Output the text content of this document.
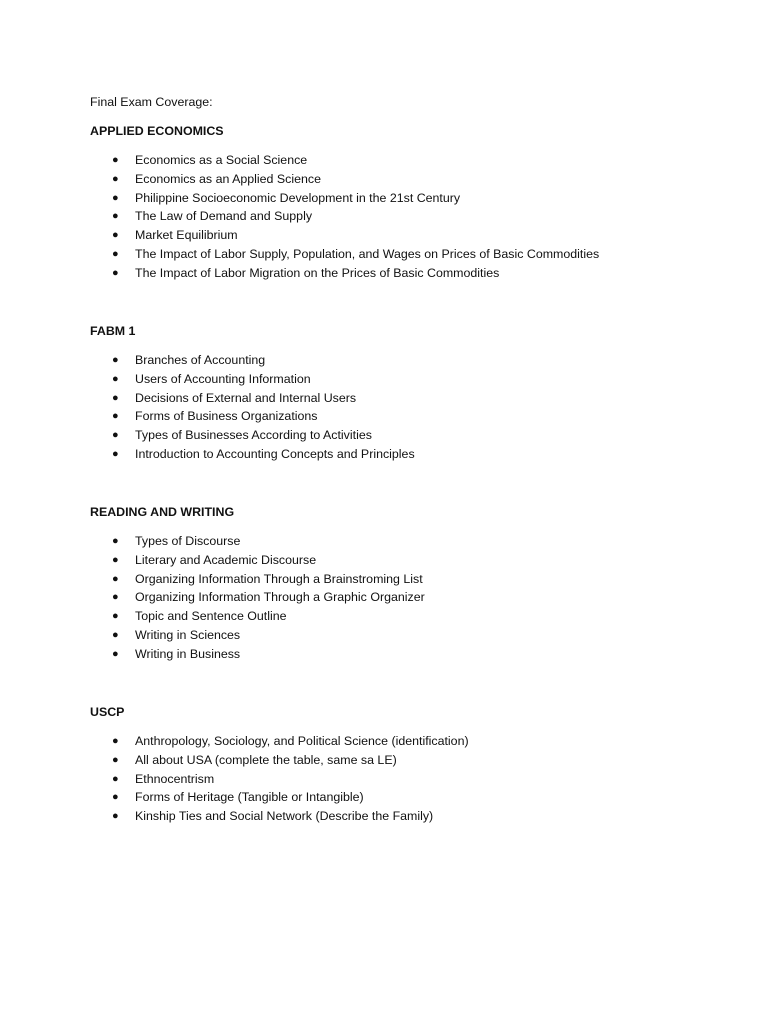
Final Exam Coverage:

APPLIED ECONOMICS

● Economics as a Social Science
● Economics as an Applied Science
● Philippine Socioeconomic Development in the 21st Century
● The Law of Demand and Supply
● Market Equilibrium
● The Impact of Labor Supply, Population, and Wages on Prices of Basic Commodities
● The Impact of Labor Migration on the Prices of Basic Commodities

FABM 1

● Branches of Accounting
● Users of Accounting Information
● Decisions of External and Internal Users
● Forms of Business Organizations
● Types of Businesses According to Activities
● Introduction to Accounting Concepts and Principles

READING AND WRITING

● Types of Discourse
● Literary and Academic Discourse
● Organizing Information Through a Brainstroming List
● Organizing Information Through a Graphic Organizer
● Topic and Sentence Outline
● Writing in Sciences
● Writing in Business

USCP

● Anthropology, Sociology, and Political Science (identification)
● All about USA (complete the table, same sa LE)
● Ethnocentrism
● Forms of Heritage (Tangible or Intangible)
● Kinship Ties and Social Network (Describe the Family)
